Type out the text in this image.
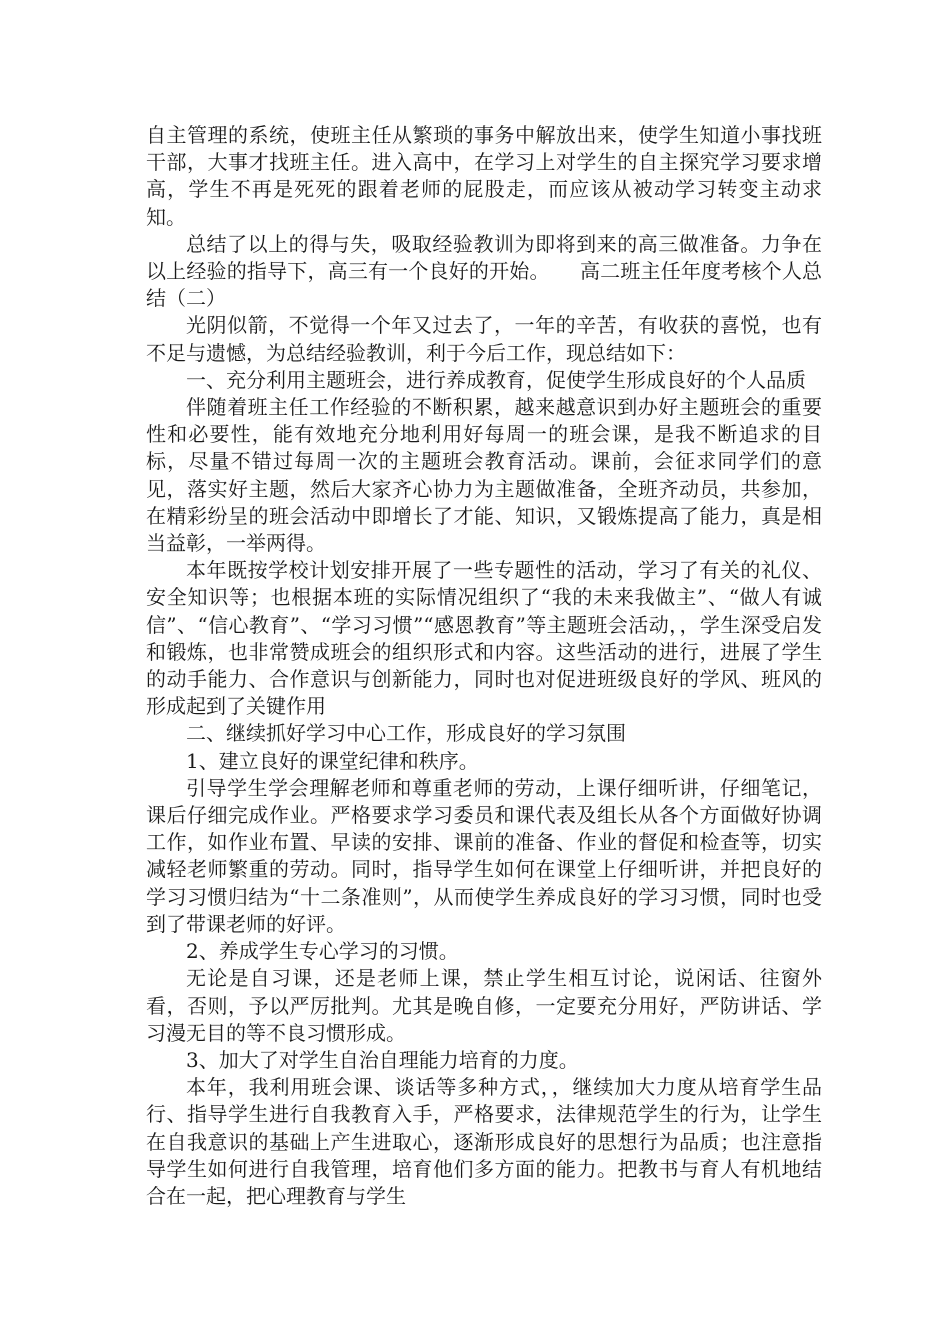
自主管理的系统，使班主任从繁琐的事务中解放出来，使学生知道小事找班干部，大事才找班主任。进入高中，在学习上对学生的自主探究学习要求增高，学生不再是死死的跟着老师的屁股走，而应该从被动学习转变主动求知。

总结了以上的得与失，吸取经验教训为即将到来的高三做准备。力争在以上经验的指导下，高三有一个良好的开始。　　高二班主任年度考核个人总结（二）

光阴似箭，不觉得一个年又过去了，一年的辛苦，有收获的喜悦，也有不足与遗憾，为总结经验教训，利于今后工作，现总结如下：

一、充分利用主题班会，进行养成教育，促使学生形成良好的个人品质

伴随着班主任工作经验的不断积累，越来越意识到办好主题班会的重要性和必要性，能有效地充分地利用好每周一的班会课，是我不断追求的目标，尽量不错过每周一次的主题班会教育活动。课前，会征求同学们的意见，落实好主题，然后大家齐心协力为主题做准备，全班齐动员，共参加，在精彩纷呈的班会活动中即增长了才能、知识，又锻炼提高了能力，真是相当益彰，一举两得。

本年既按学校计划安排开展了一些专题性的活动，学习了有关的礼仪、安全知识等；也根据本班的实际情况组织了“我的未来我做主”、“做人有诚信”、“信心教育”、“学习习惯”“感恩教育”等主题班会活动，，学生深受启发和锻炼，也非常赞成班会的组织形式和内容。这些活动的进行，进展了学生的动手能力、合作意识与创新能力，同时也对促进班级良好的学风、班风的形成起到了关键作用

二、继续抓好学习中心工作，形成良好的学习氛围

1、建立良好的课堂纪律和秩序。

引导学生学会理解老师和尊重老师的劳动，上课仔细听讲，仔细笔记，课后仔细完成作业。严格要求学习委员和课代表及组长从各个方面做好协调工作，如作业布置、早读的安排、课前的准备、作业的督促和检查等，切实减轻老师繁重的劳动。同时，指导学生如何在课堂上仔细听讲，并把良好的学习习惯归结为“十二条准则”，从而使学生养成良好的学习习惯，同时也受到了带课老师的好评。

2、养成学生专心学习的习惯。

无论是自习课，还是老师上课，禁止学生相互讨论，说闲话、往窗外看，否则，予以严厉批判。尤其是晚自修，一定要充分用好，严防讲话、学习漫无目的等不良习惯形成。

3、加大了对学生自治自理能力培育的力度。

本年，我利用班会课、谈话等多种方式，，继续加大力度从培育学生品行、指导学生进行自我教育入手，严格要求，法律规范学生的行为，让学生在自我意识的基础上产生进取心，逐渐形成良好的思想行为品质；也注意指导学生如何进行自我管理，培育他们多方面的能力。把教书与育人有机地结合在一起，把心理教育与学生
